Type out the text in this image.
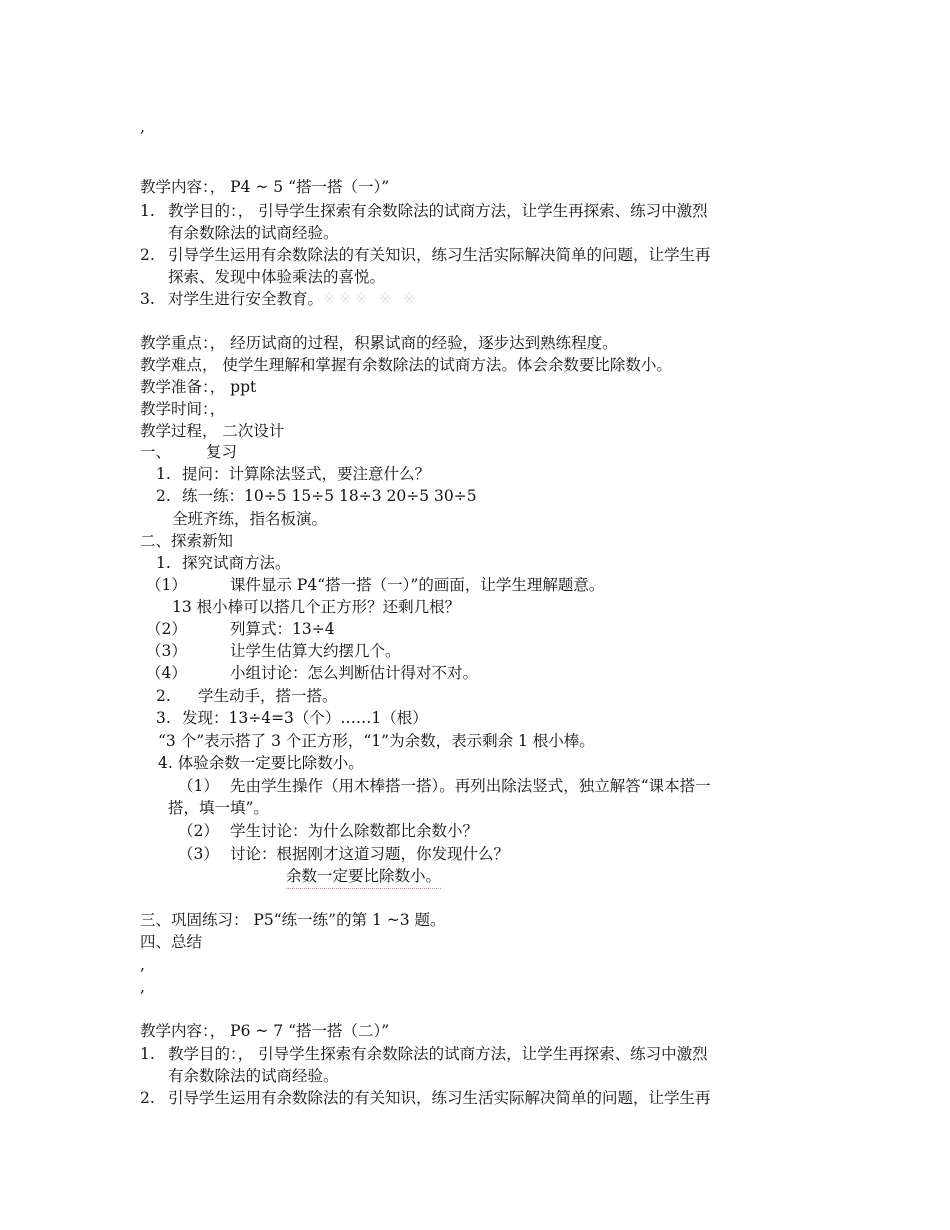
,
教学内容：， P4 ~ 5 “搭一搭（一）”
1. 教学目的：， 引导学生探索有余数除法的试商方法，让学生再探索、练习中激烈
有余数除法的试商经验。
2. 引导学生运用有余数除法的有关知识，练习生活实际解决简单的问题，让学生再
探索、发现中体验乘法的喜悦。
3. 对学生进行安全教育。※※※ ※ ※
教学重点：， 经历试商的过程，积累试商的经验，逐步达到熟练程度。
教学难点， 使学生理解和掌握有余数除法的试商方法。体会余数要比除数小。
教学准备：， ppt
教学时间：，
教学过程， 二次设计
一、 复习
1. 提问：计算除法竖式，要注意什么？
2. 练一练：10÷5 15÷5 18÷3 20÷5 30÷5
全班齐练，指名板演。
二、探索新知
1. 探究试商方法。
（1）	课件显示 P4“搭一搭（一）”的画面，让学生理解题意。
13 根小棒可以搭几个正方形？还剩几根？
（2）	列算式：13÷4
（3）	让学生估算大约摆几个。
（4）	小组讨论：怎么判断估计得对不对。
2. 学生动手，搭一搭。
3. 发现：13÷4=3（个）……1（根）
“3 个”表示搭了 3 个正方形，“1”为余数，表示剩余 1 根小棒。
4. 体验余数一定要比除数小。
（1） 先由学生操作（用木棒搭一搭）。再列出除法竖式，独立解答“课本搭一
搭，填一填”。
（2） 学生讨论：为什么除数都比余数小？
（3） 讨论：根据刚才这道习题，你发现什么？
余数一定要比除数小。
三、巩固练习： P5“练一练”的第 1 ~3 题。
四、总结
,
,
教学内容：， P6 ~ 7 “搭一搭（二）”
1. 教学目的：， 引导学生探索有余数除法的试商方法，让学生再探索、练习中激烈
有余数除法的试商经验。
2. 引导学生运用有余数除法的有关知识，练习生活实际解决简单的问题，让学生再
